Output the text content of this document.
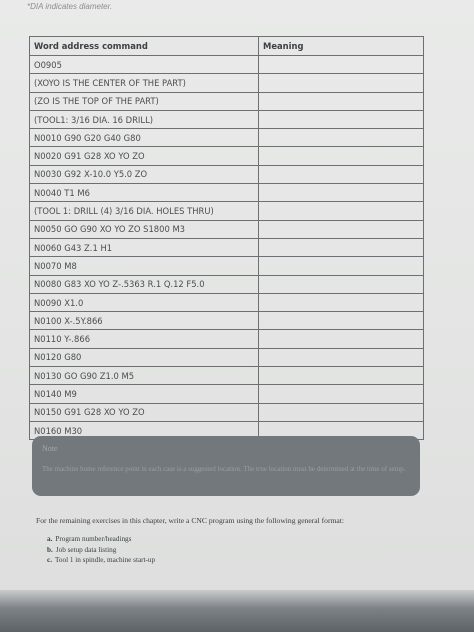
*DIA indicates diameter.
Word address command	Meaning
O0905	
(XOYO IS THE CENTER OF THE PART)	
(ZO IS THE TOP OF THE PART)	
(TOOL1: 3/16 DIA. 16 DRILL)	
N0010 G90 G20 G40 G80	
N0020 G91 G28 XO YO ZO	
N0030 G92 X-10.0 Y5.0 ZO	
N0040 T1 M6	
(TOOL 1: DRILL (4) 3/16 DIA. HOLES THRU)	
N0050 GO G90 XO YO ZO S1800 M3	
N0060 G43 Z.1 H1	
N0070 M8	
N0080 G83 XO YO Z-.5363 R.1 Q.12 F5.0	
N0090 X1.0	
N0100 X-.5Y.866	
N0110 Y-.866	
N0120 G80	
N0130 GO G90 Z1.0 M5	
N0140 M9	
N0150 G91 G28 XO YO ZO	
N0160 M30	
Note
The machine home reference point in each case is a suggested location. The true location must be determined at the time of setup.
For the remaining exercises in this chapter, write a CNC program using the following general format:
a. Program number/headings
b. Job setup data listing
c. Tool 1 in spindle, machine start-up
